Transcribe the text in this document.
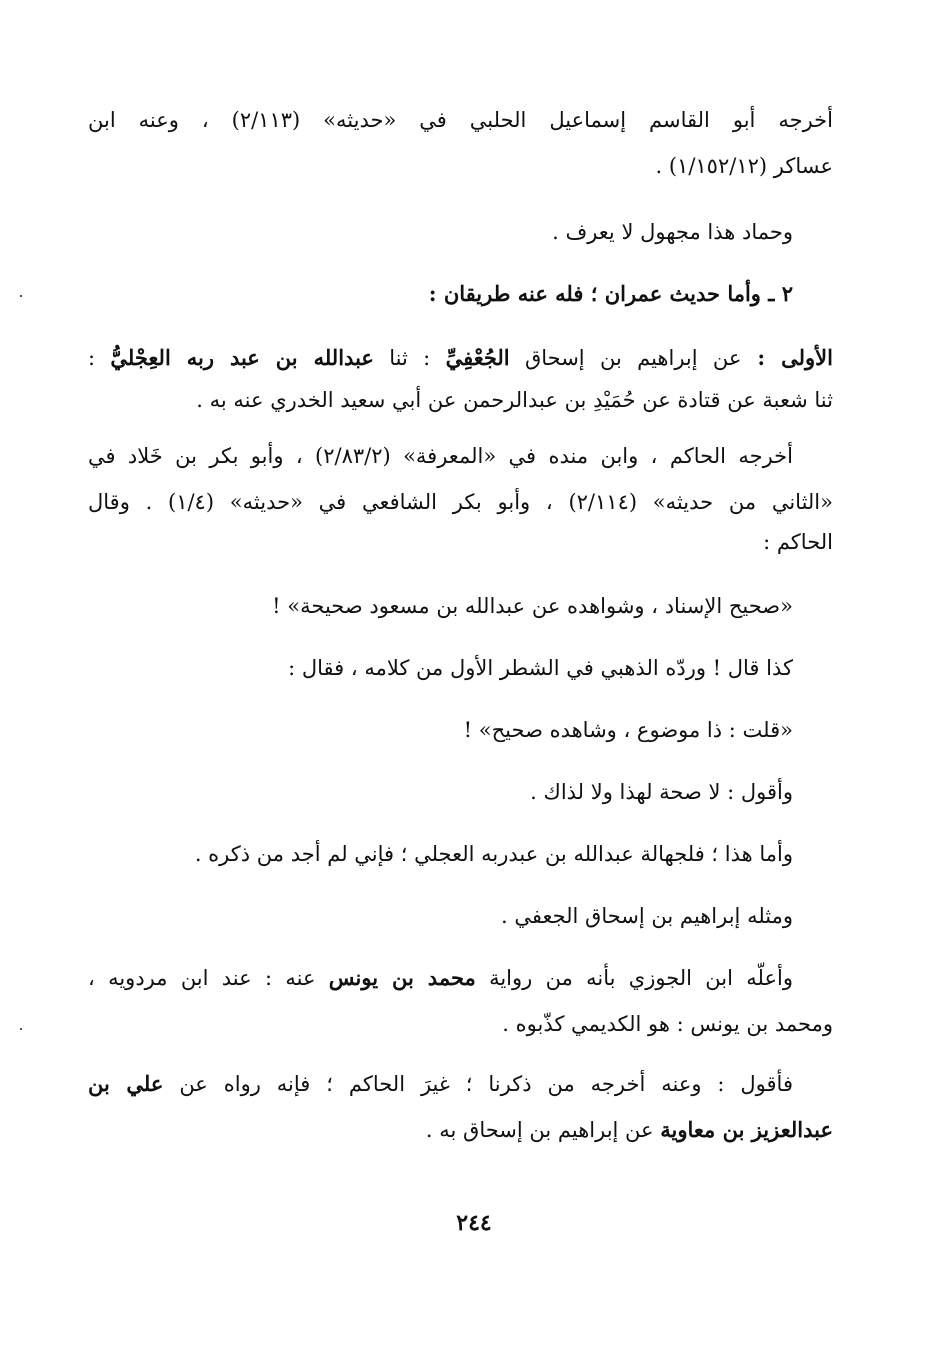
أخرجه أبو القاسم إسماعيل الحلبي في «حديثه» (٢/١١٣) ، وعنه ابن
عساكر (١/١٥٢/١٢) .
وحماد هذا مجهول لا يعرف .
٢ ـ وأما حديث عمران ؛ فله عنه طريقان :
الأولى : عن إبراهيم بن إسحاق الجُعْفِيِّ : ثنا عبدالله بن عبد ربه العِجْليُّ :
ثنا شعبة عن قتادة عن حُمَيْدِ بن عبدالرحمن عن أبي سعيد الخدري عنه به .
أخرجه الحاكم ، وابن منده في «المعرفة» (٢/٨٣/٢) ، وأبو بكر بن خَلاد في
«الثاني من حديثه» (٢/١١٤) ، وأبو بكر الشافعي في «حديثه» (١/٤) . وقال
الحاكم :
«صحيح الإسناد ، وشواهده عن عبدالله بن مسعود صحيحة» !
كذا قال ! وردّه الذهبي في الشطر الأول من كلامه ، فقال :
«قلت : ذا موضوع ، وشاهده صحيح» !
وأقول : لا صحة لهذا ولا لذاك .
وأما هذا ؛ فلجهالة عبدالله بن عبدربه العجلي ؛ فإني لم أجد من ذكره .
ومثله إبراهيم بن إسحاق الجعفي .
وأعلّه ابن الجوزي بأنه من رواية محمد بن يونس عنه : عند ابن مردويه ،
ومحمد بن يونس : هو الكديمي كذّبوه .
فأقول : وعنه أخرجه من ذكرنا ؛ غيرَ الحاكم ؛ فإنه رواه عن علي بن
عبدالعزيز بن معاوية عن إبراهيم بن إسحاق به .
٢٤٤
